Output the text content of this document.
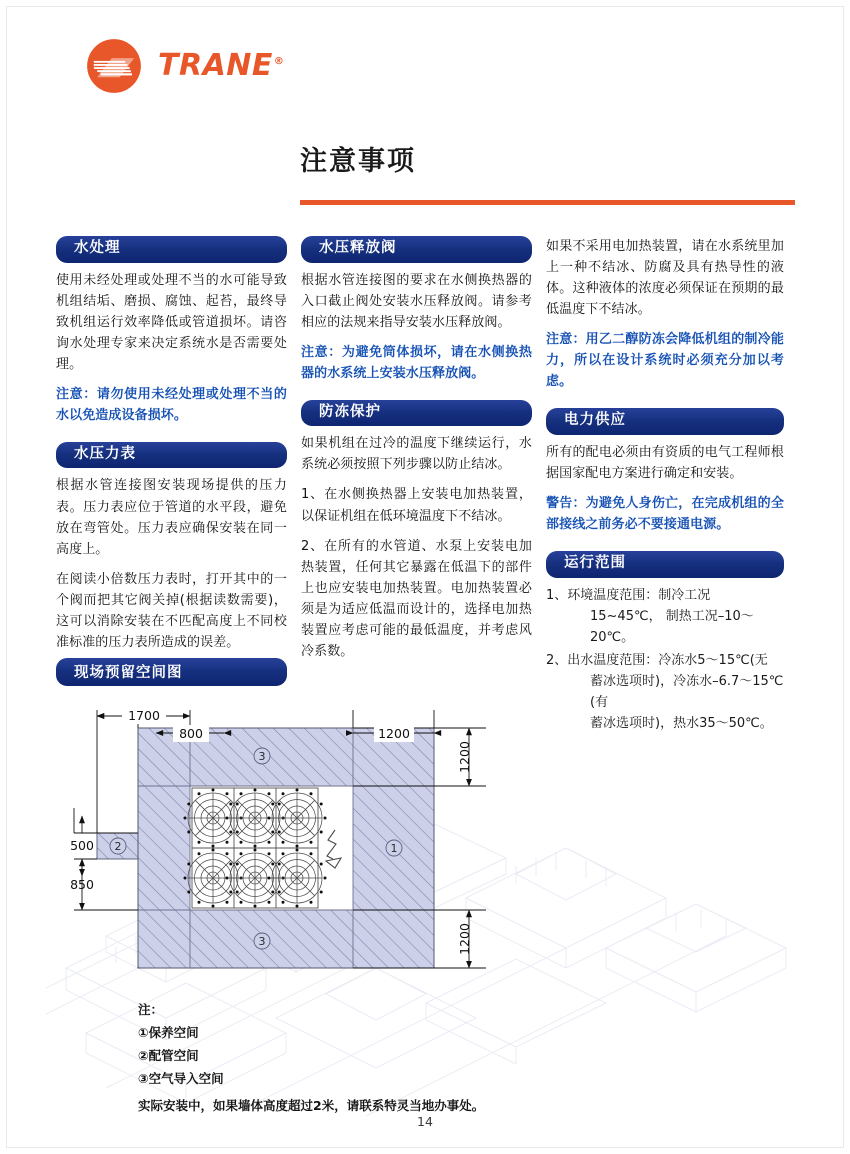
TRANE®
注意事项
水处理

使用未经处理或处理不当的水可能导致机组结垢、磨损、腐蚀、起苔，最终导致机组运行效率降低或管道损坏。请咨询水处理专家来决定系统水是否需要处理。

注意：请勿使用未经处理或处理不当的水以免造成设备损坏。

水压力表

根据水管连接图安装现场提供的压力表。压力表应位于管道的水平段，避免放在弯管处。压力表应确保安装在同一高度上。

在阅读小倍数压力表时，打开其中的一个阀而把其它阀关掉(根据读数需要)，这可以消除安装在不匹配高度上不同校准标准的压力表所造成的误差。

水压释放阀

根据水管连接图的要求在水侧换热器的入口截止阀处安装水压释放阀。请参考相应的法规来指导安装水压释放阀。

注意：为避免筒体损坏，请在水侧换热器的水系统上安装水压释放阀。

防冻保护

如果机组在过冷的温度下继续运行，水系统必须按照下列步骤以防止结冰。

1、在水侧换热器上安装电加热装置，以保证机组在低环境温度下不结冰。

2、在所有的水管道、水泵上安装电加热装置，任何其它暴露在低温下的部件上也应安装电加热装置。电加热装置必须是为适应低温而设计的，选择电加热装置应考虑可能的最低温度，并考虑风冷系数。

如果不采用电加热装置，请在水系统里加上一种不结冰、防腐及具有热导性的液体。这种液体的浓度必须保证在预期的最低温度下不结冰。

注意：用乙二醇防冻会降低机组的制冷能力，所以在设计系统时必须充分加以考虑。

电力供应

所有的配电必须由有资质的电气工程师根据国家配电方案进行确定和安装。

警告：为避免人身伤亡，在完成机组的全部接线之前务必不要接通电源。

运行范围
1、环境温度范围：制冷工况
15~45℃， 制热工况–10～20℃。
2、出水温度范围：冷冻水5～15℃(无
蓄冰选项时)，冷冻水–6.7～15℃(有
蓄冰选项时)，热水35～50℃。
现场预留空间图
1700
800	1200
1200
1200
500
850
3
3
1
2
注：
①保养空间
②配管空间
③空气导入空间
实际安装中，如果墙体高度超过2米，请联系特灵当地办事处。
14
